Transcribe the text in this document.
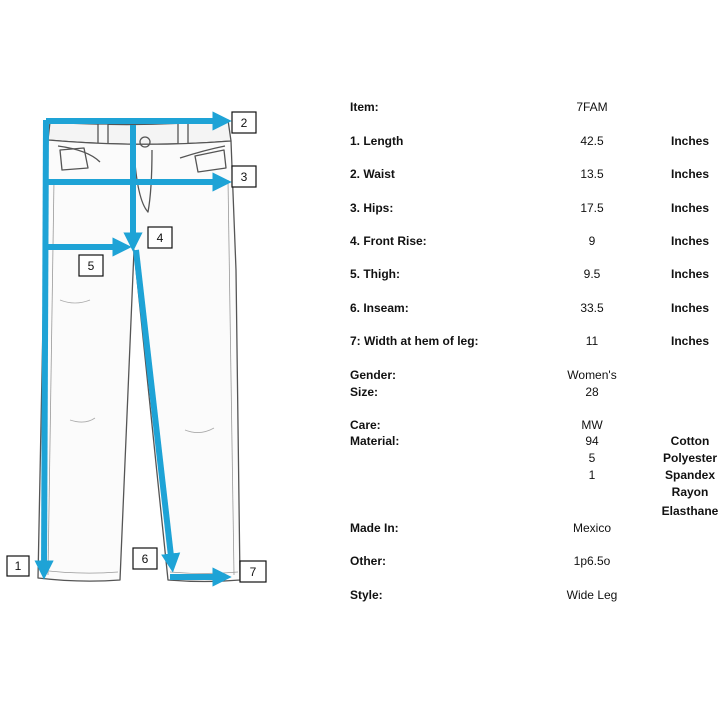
1
2
3
4
5
6
7
Item:	7FAM
1. Length	42.5	Inches
2. Waist	13.5	Inches
3. Hips:	17.5	Inches
4. Front Rise:	9	Inches
5. Thigh:	9.5	Inches
6. Inseam:	33.5	Inches
7: Width at hem of leg:	11	Inches
Gender:	Women's
Size:	28
Care:	MW
Material:	94	Cotton
5	Polyester
1	Spandex
Rayon
Elasthane
Made In:	Mexico
Other:	1p6.5o
Style:	Wide Leg
